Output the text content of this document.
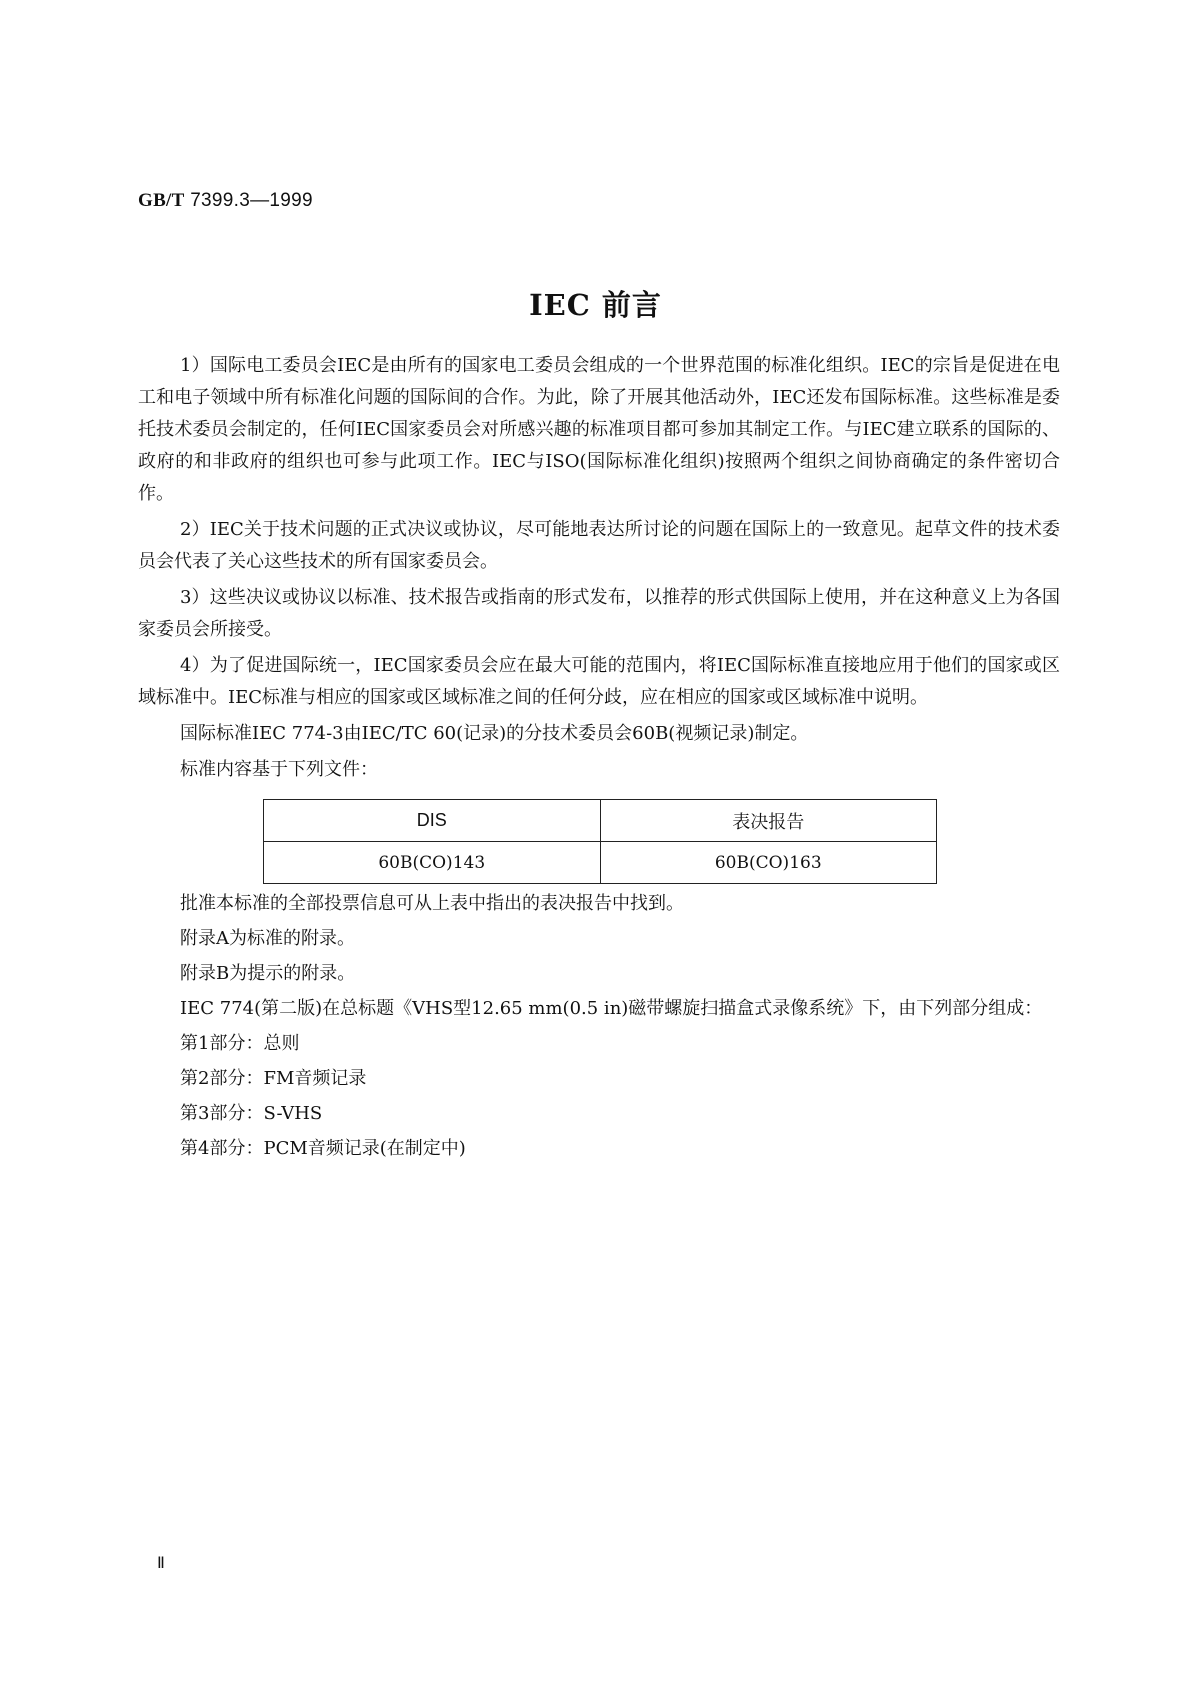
GB/T 7399.3—1999
IEC 前言

1）国际电工委员会IEC是由所有的国家电工委员会组成的一个世界范围的标准化组织。IEC的宗旨是促进在电工和电子领域中所有标准化问题的国际间的合作。为此，除了开展其他活动外，IEC还发布国际标准。这些标准是委托技术委员会制定的，任何IEC国家委员会对所感兴趣的标准项目都可参加其制定工作。与IEC建立联系的国际的、政府的和非政府的组织也可参与此项工作。IEC与ISO(国际标准化组织)按照两个组织之间协商确定的条件密切合作。

2）IEC关于技术问题的正式决议或协议，尽可能地表达所讨论的问题在国际上的一致意见。起草文件的技术委员会代表了关心这些技术的所有国家委员会。

3）这些决议或协议以标准、技术报告或指南的形式发布，以推荐的形式供国际上使用，并在这种意义上为各国家委员会所接受。

4）为了促进国际统一，IEC国家委员会应在最大可能的范围内，将IEC国际标准直接地应用于他们的国家或区域标准中。IEC标准与相应的国家或区域标准之间的任何分歧，应在相应的国家或区域标准中说明。

国际标准IEC 774-3由IEC/TC 60(记录)的分技术委员会60B(视频记录)制定。

标准内容基于下列文件：

DIS	表决报告
60B(CO)143	60B(CO)163

批准本标准的全部投票信息可从上表中指出的表决报告中找到。

附录A为标准的附录。

附录B为提示的附录。

IEC 774(第二版)在总标题《VHS型12.65 mm(0.5 in)磁带螺旋扫描盒式录像系统》下，由下列部分组成：

第1部分：总则

第2部分：FM音频记录

第3部分：S-VHS

第4部分：PCM音频记录(在制定中)

Ⅱ
